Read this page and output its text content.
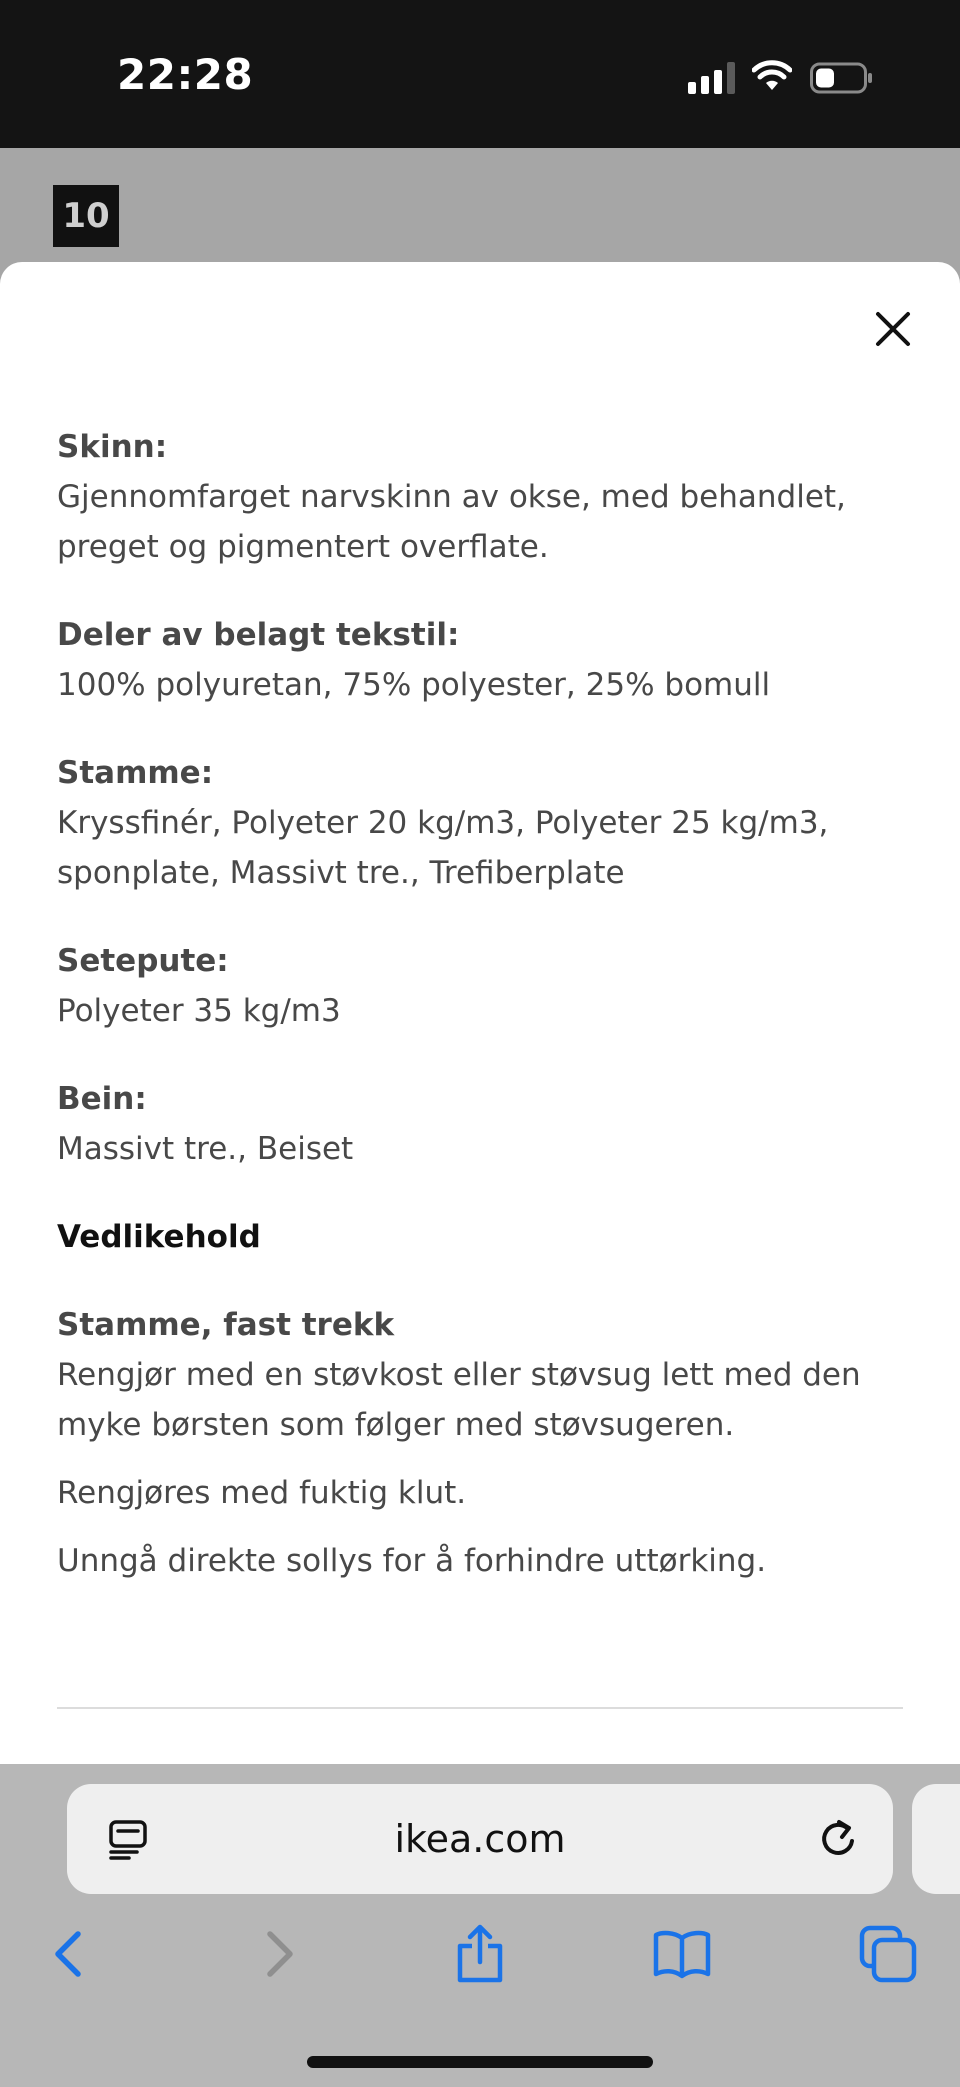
22:28
10
Skinn:
Gjennomfarget narvskinn av okse, med behandlet, preget og pigmentert overflate.
Deler av belagt tekstil:
100% polyuretan, 75% polyester, 25% bomull
Stamme:
Kryssfinér, Polyeter 20 kg/m3, Polyeter 25 kg/m3, sponplate, Massivt tre., Trefiberplate
Setepute:
Polyeter 35 kg/m3
Bein:
Massivt tre., Beiset
Vedlikehold
Stamme, fast trekk
Rengjør med en støvkost eller støvsug lett med den myke børsten som følger med støvsugeren.
Rengjøres med fuktig klut.
Unngå direkte sollys for å forhindre uttørking.
ikea.com
